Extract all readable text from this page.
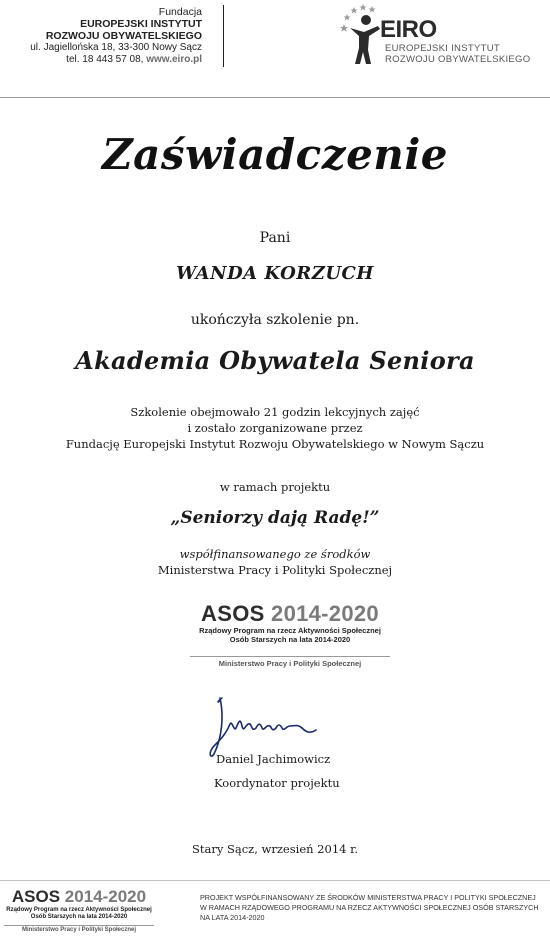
Fundacja
EUROPEJSKI INSTYTUT
ROZWOJU OBYWATELSKIEGO
ul. Jagiellońska 18, 33-300 Nowy Sącz
tel. 18 443 57 08, www.eiro.pl
EIRO
EUROPEJSKI INSTYTUT
ROZWOJU OBYWATELSKIEGO
Zaświadczenie
Pani
WANDA KORZUCH
ukończyła szkolenie pn.
Akademia Obywatela Seniora
Szkolenie obejmowało 21 godzin lekcyjnych zajęć
i zostało zorganizowane przez
Fundację Europejski Instytut Rozwoju Obywatelskiego w Nowym Sączu
w ramach projektu
„Seniorzy dają Radę!”
współfinansowanego ze środków
Ministerstwa Pracy i Polityki Społecznej
ASOS 2014-2020
Rządowy Program na rzecz Aktywności Społecznej
Osób Starszych na lata 2014-2020
Ministerstwo Pracy i Polityki Społecznej
Daniel Jachimowicz
Koordynator projektu
Stary Sącz, wrzesień 2014 r.
ASOS 2014-2020
Rządowy Program na rzecz Aktywności Społecznej
Osób Starszych na lata 2014-2020
Ministerstwo Pracy i Polityki Społecznej
PROJEKT WSPÓŁFINANSOWANY ZE ŚRODKÓW MINISTERSTWA PRACY I POLITYKI SPOŁECZNEJ
W RAMACH RZĄDOWEGO PROGRAMU NA RZECZ AKTYWNOŚCI SPOŁECZNEJ OSÓB STARSZYCH
NA LATA 2014-2020
